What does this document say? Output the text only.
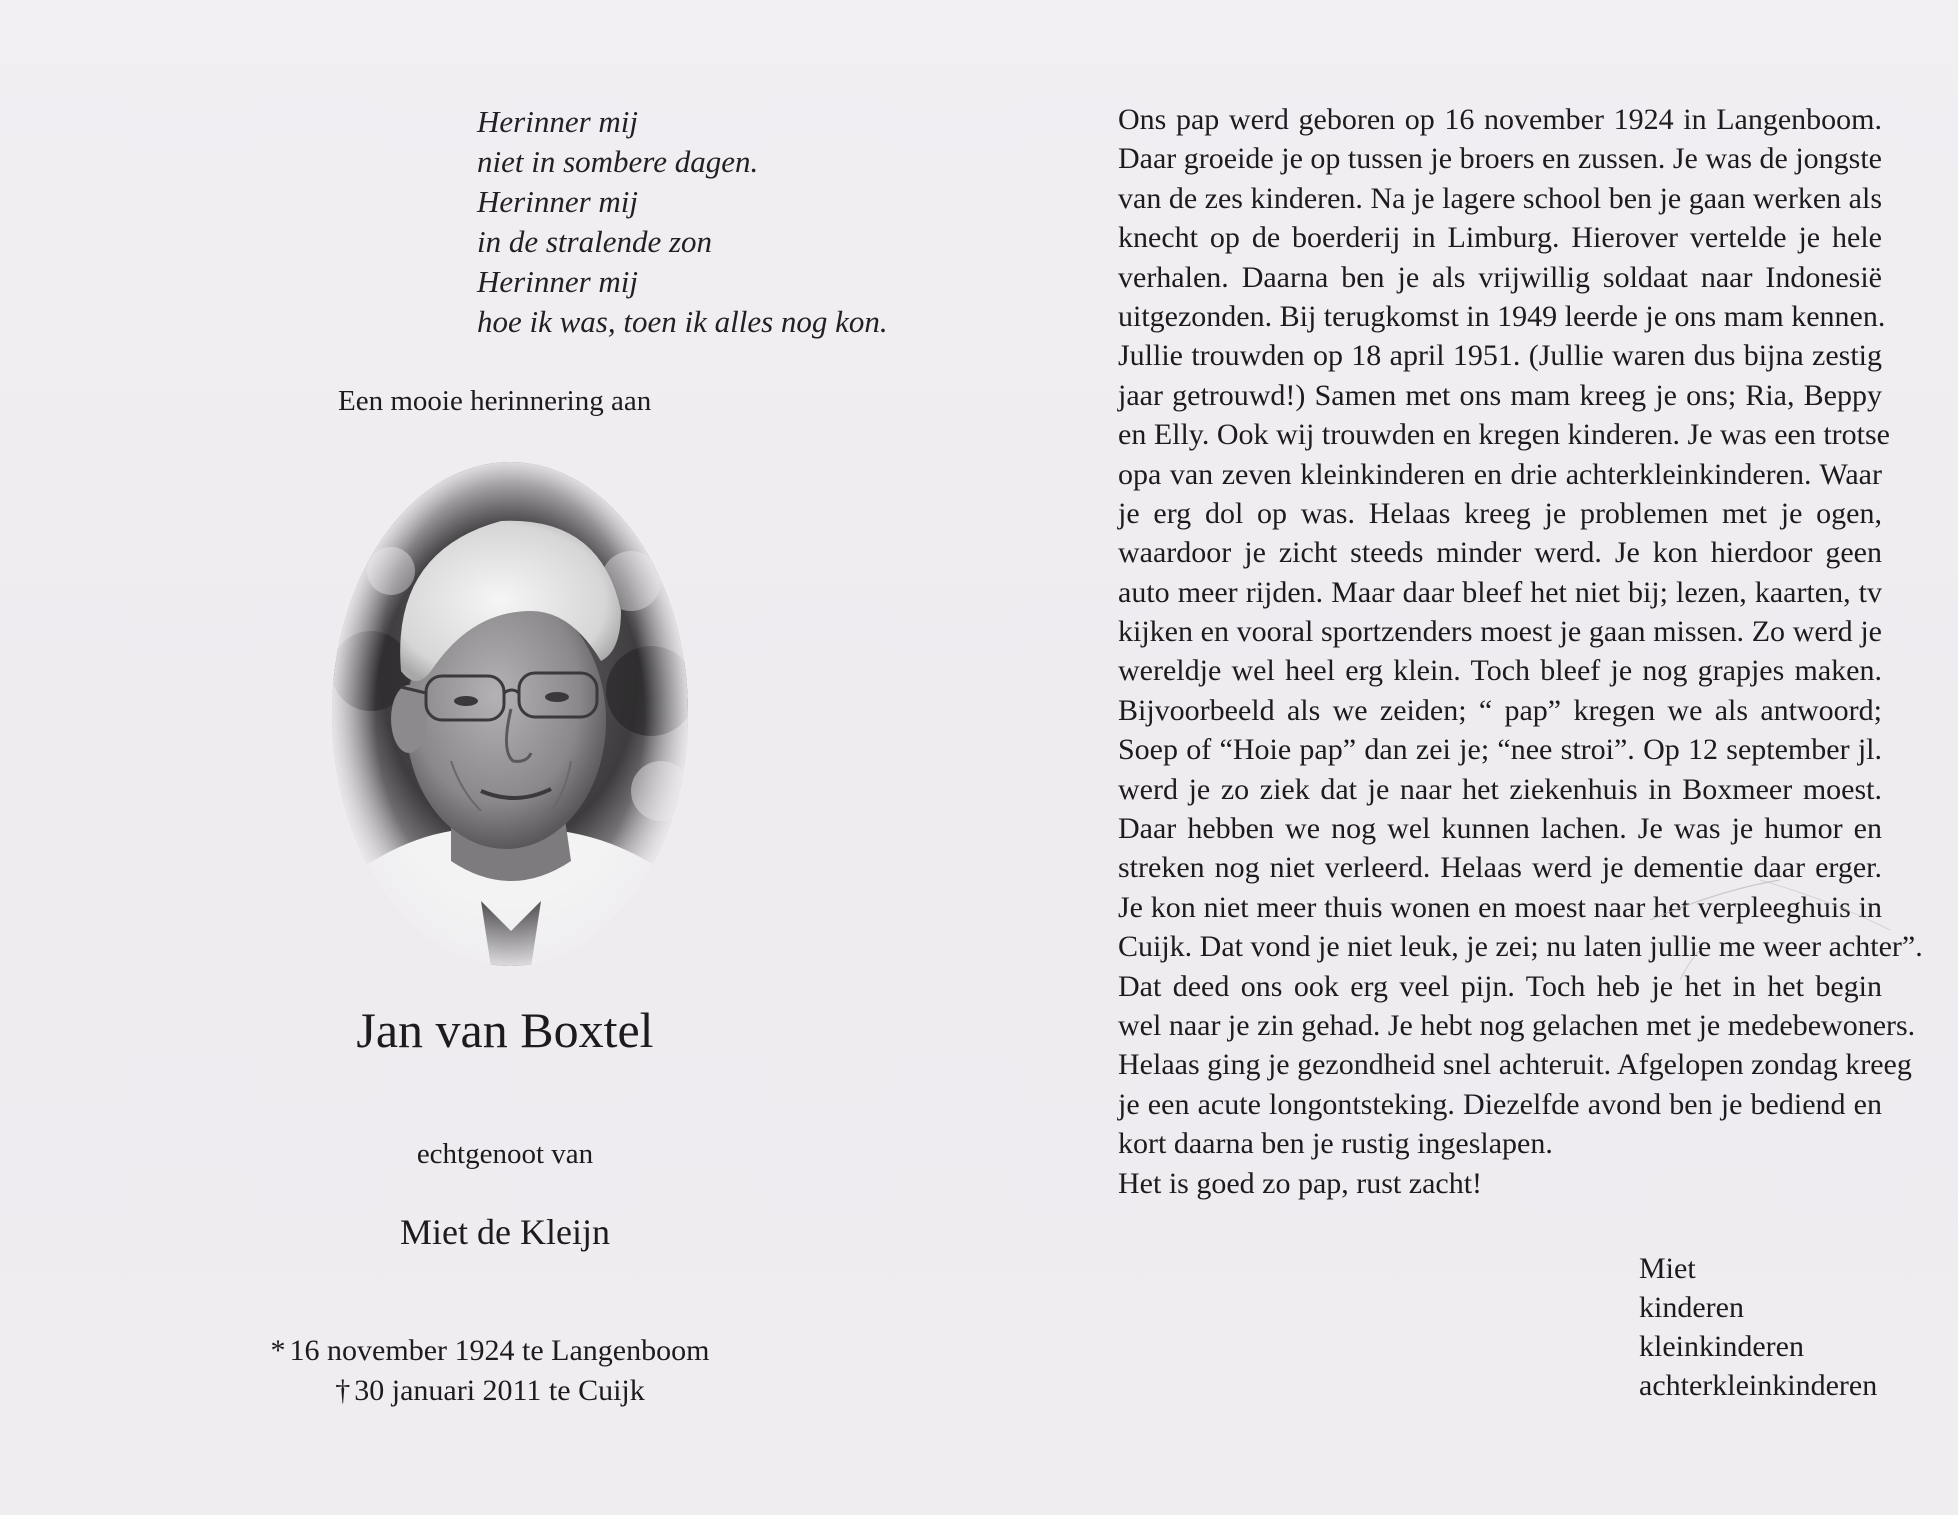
Herinner mij
niet in sombere dagen.
Herinner mij
in de stralende zon
Herinner mij
hoe ik was, toen ik alles nog kon.
Een mooie herinnering aan
Jan van Boxtel
echtgenoot van
Miet de Kleijn
* 16 november 1924 te Langenboom
† 30 januari 2011 te Cuijk
Ons pap werd geboren op 16 november 1924 in Langenboom.
Daar groeide je op tussen je broers en zussen. Je was de jongste
van de zes kinderen. Na je lagere school ben je gaan werken als
knecht op de boerderij in Limburg. Hierover vertelde je hele
verhalen. Daarna ben je als vrijwillig soldaat naar Indonesië
uitgezonden. Bij terugkomst in 1949 leerde je ons mam kennen.
Jullie trouwden op 18 april 1951. (Jullie waren dus bijna zestig
jaar getrouwd!) Samen met ons mam kreeg je ons; Ria, Beppy
en Elly. Ook wij trouwden en kregen kinderen. Je was een trotse
opa van zeven kleinkinderen en drie achterkleinkinderen. Waar
je erg dol op was. Helaas kreeg je problemen met je ogen,
waardoor je zicht steeds minder werd. Je kon hierdoor geen
auto meer rijden. Maar daar bleef het niet bij; lezen, kaarten, tv
kijken en vooral sportzenders moest je gaan missen. Zo werd je
wereldje wel heel erg klein. Toch bleef je nog grapjes maken.
Bijvoorbeeld als we zeiden; “ pap” kregen we als antwoord;
Soep of “Hoie pap” dan zei je; “nee stroi”. Op 12 september jl.
werd je zo ziek dat je naar het ziekenhuis in Boxmeer moest.
Daar hebben we nog wel kunnen lachen. Je was je humor en
streken nog niet verleerd. Helaas werd je dementie daar erger.
Je kon niet meer thuis wonen en moest naar het verpleeghuis in
Cuijk. Dat vond je niet leuk, je zei; nu laten jullie me weer achter”.
Dat deed ons ook erg veel pijn. Toch heb je het in het begin
wel naar je zin gehad. Je hebt nog gelachen met je medebewoners.
Helaas ging je gezondheid snel achteruit. Afgelopen zondag kreeg
je een acute longontsteking. Diezelfde avond ben je bediend en
kort daarna ben je rustig ingeslapen.
Het is goed zo pap, rust zacht!
Miet
kinderen
kleinkinderen
achterkleinkinderen
